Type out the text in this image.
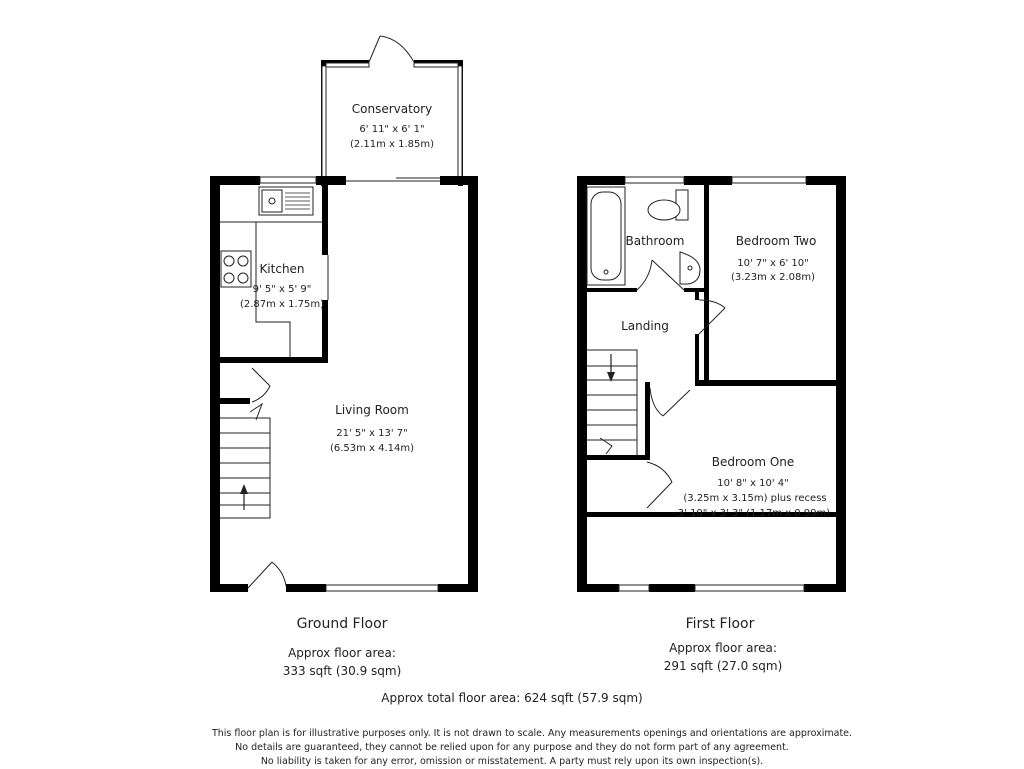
Conservatory
6' 11" x 6' 1"
(2.11m x 1.85m)
Kitchen
9' 5" x 5' 9"
(2.87m x 1.75m)
Living Room
21' 5" x 13' 7"
(6.53m x 4.14m)
Bathroom	Bedroom Two
10' 7" x 6' 10"
(3.23m x 2.08m)
Landing
Bedroom One
10' 8" x 10' 4"
(3.25m x 3.15m) plus recess
3' 10" x 3' 3" (1.17m x 0.99m)
Ground Floor
Approx floor area:
333 sqft (30.9 sqm)
First Floor
Approx floor area:
291 sqft (27.0 sqm)
Approx total floor area: 624 sqft (57.9 sqm)
This floor plan is for illustrative purposes only. It is not drawn to scale. Any measurements openings and orientations are approximate.
No details are guaranteed, they cannot be relied upon for any purpose and they do not form part of any agreement.
No liability is taken for any error, omission or misstatement. A party must rely upon its own inspection(s).
